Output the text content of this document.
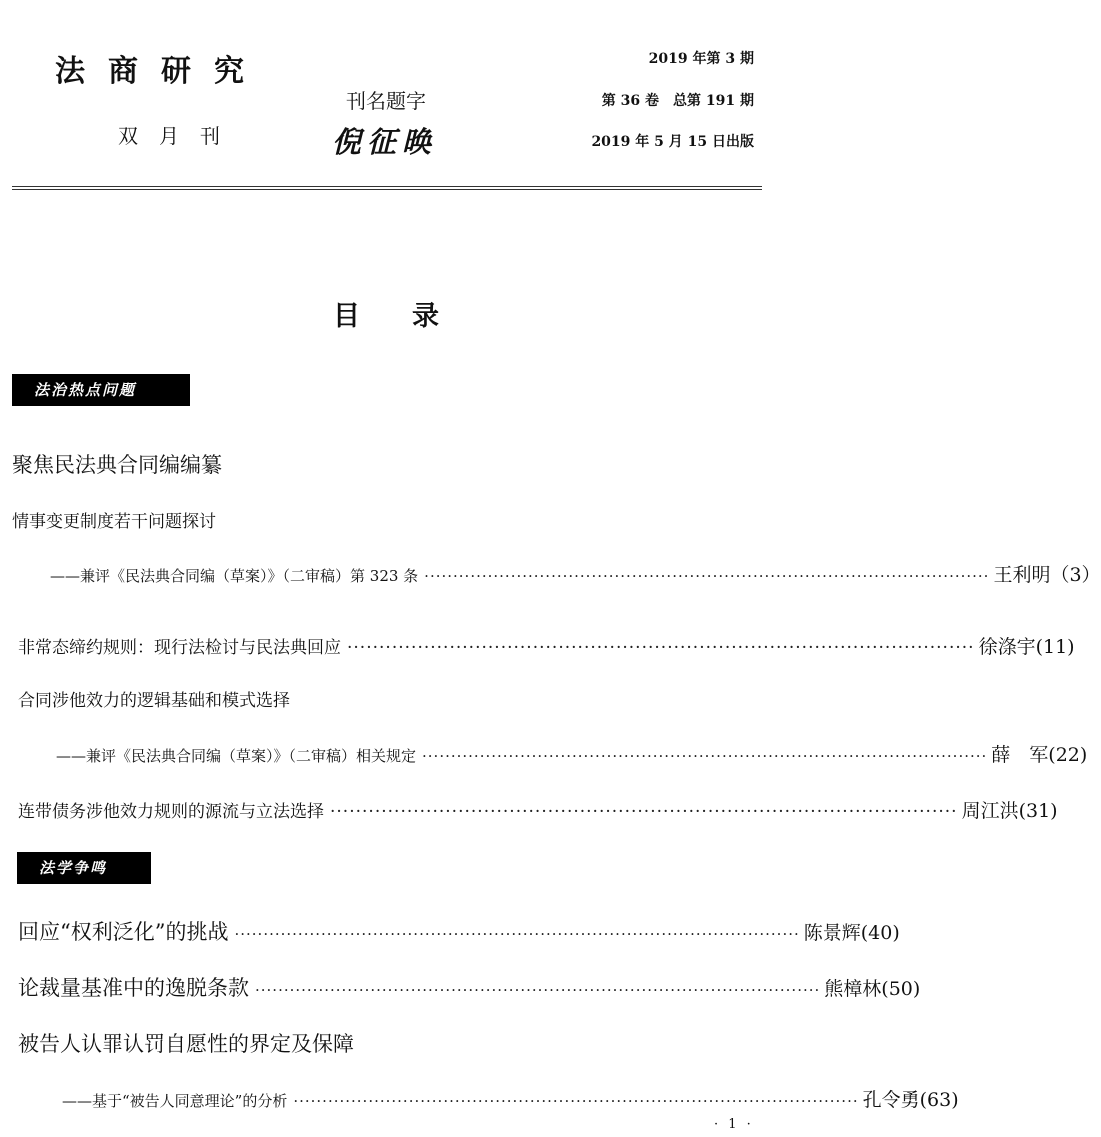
法商研究
双月刊
刊名题字
倪征㬇
2019 年第 3 期
第 36 卷　总第 191 期
2019 年 5 月 15 日出版
目录
法治热点问题
聚焦民法典合同编编纂
情事变更制度若干问题探讨
——兼评《民法典合同编（草案）》（二审稿）第 323 条 ·································································································· 王利明（3）
非常态缔约规则：现行法检讨与民法典回应 ·································································································· 徐涤宇(11)
合同涉他效力的逻辑基础和模式选择
——兼评《民法典合同编（草案）》（二审稿）相关规定 ·································································································· 薛　军(22)
连带债务涉他效力规则的源流与立法选择 ·································································································· 周江洪(31)
法学争鸣
回应“权利泛化”的挑战 ·································································································· 陈景辉(40)
论裁量基准中的逸脱条款 ·································································································· 熊樟林(50)
被告人认罪认罚自愿性的界定及保障
——基于“被告人同意理论”的分析 ·································································································· 孔令勇(63)
· 1 ·
